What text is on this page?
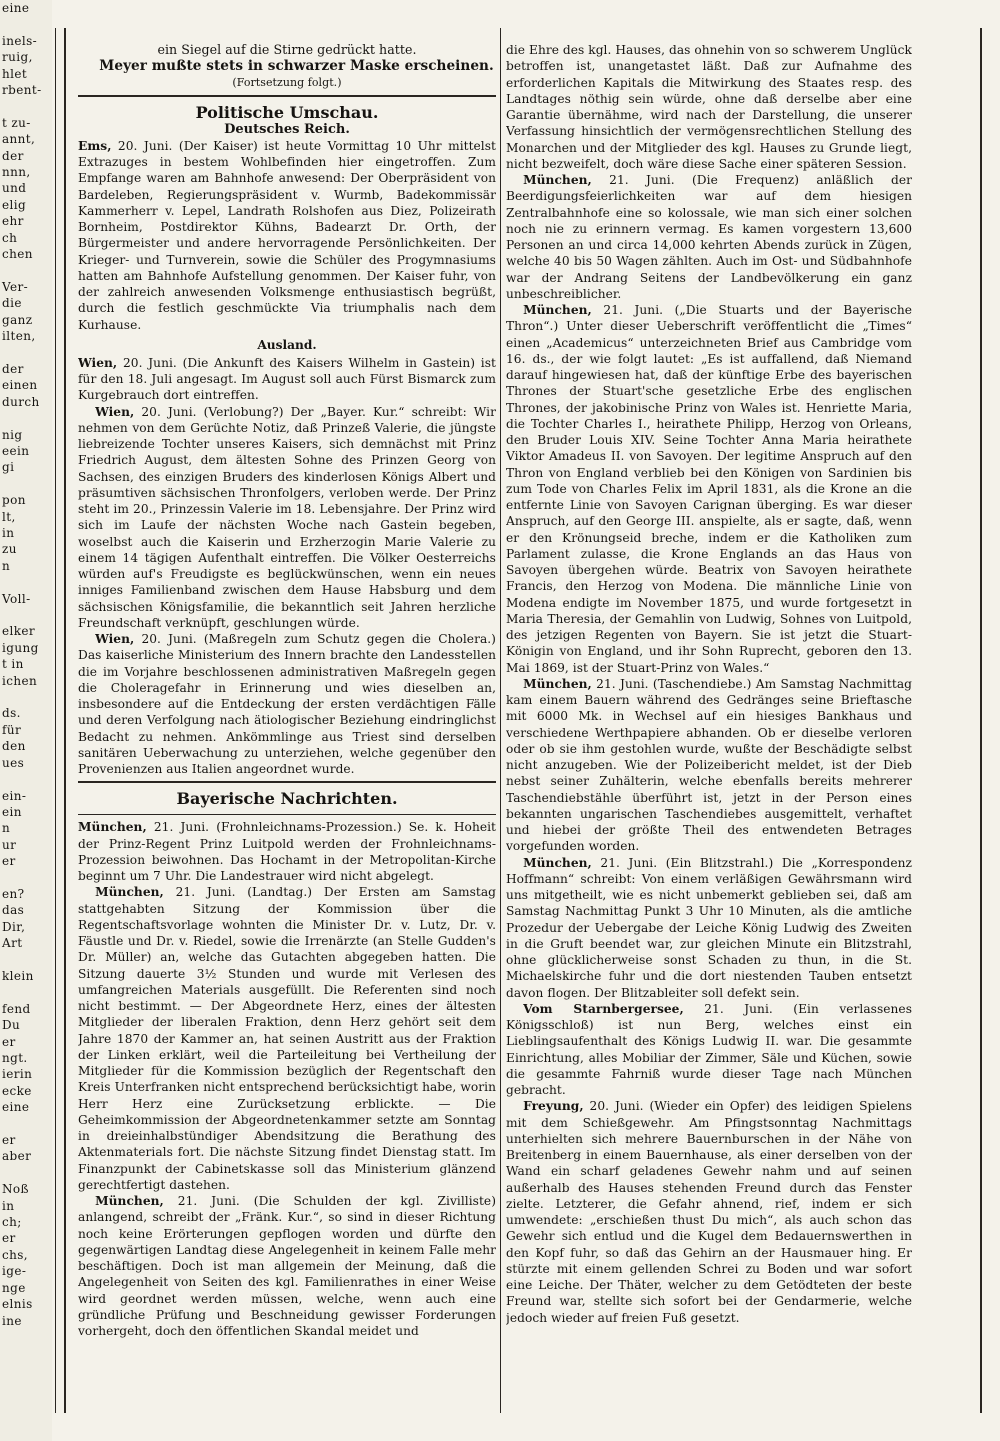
eine

inels-

ruig,

hlet

rbent-

t zu-

annt,

der

nnn,

und

elig

ehr

ch

chen

Ver-

die

ganz

ilten,

der

einen

durch

nig

eein

gi

pon

lt,

in

zu

n

Voll-

elker

igung

t in

ichen

ds.

für

den

ues

ein-

ein

n

ur

er

en?

das

Dir,

Art

klein

fend

Du

er

ngt.

ierin

ecke

eine

er

aber

Noß

in

ch;

er

chs,

ige-

nge

elnis

ine

ein Siegel auf die Stirne gedrückt hatte.

Meyer mußte stets in schwarzer Maske erscheinen.

(Fortsetzung folgt.)

Politische Umschau.
Deutsches Reich.

Ems, 20. Juni. (Der Kaiser) ist heute Vormittag 10 Uhr mittelst Extrazuges in bestem Wohlbefinden hier eingetroffen. Zum Empfange waren am Bahnhofe anwesend: Der Oberpräsident von Bardeleben, Regierungspräsident v. Wurmb, Badekommissär Kammerherr v. Lepel, Landrath Rolshofen aus Diez, Polizeirath Bornheim, Postdirektor Kühns, Badearzt Dr. Orth, der Bürgermeister und andere hervorragende Persönlichkeiten. Der Krieger- und Turnverein, sowie die Schüler des Progymnasiums hatten am Bahnhofe Aufstellung genommen. Der Kaiser fuhr, von der zahlreich anwesenden Volksmenge enthusiastisch begrüßt, durch die festlich geschmückte Via triumphalis nach dem Kurhause.

Ausland.

Wien, 20. Juni. (Die Ankunft des Kaisers Wilhelm in Gastein) ist für den 18. Juli angesagt. Im August soll auch Fürst Bismarck zum Kurgebrauch dort eintreffen.

Wien, 20. Juni. (Verlobung?) Der „Bayer. Kur.“ schreibt: Wir nehmen von dem Gerüchte Notiz, daß Prinzeß Valerie, die jüngste liebreizende Tochter unseres Kaisers, sich demnächst mit Prinz Friedrich August, dem ältesten Sohne des Prinzen Georg von Sachsen, des einzigen Bruders des kinderlosen Königs Albert und präsumtiven sächsischen Thronfolgers, verloben werde. Der Prinz steht im 20., Prinzessin Valerie im 18. Lebensjahre. Der Prinz wird sich im Laufe der nächsten Woche nach Gastein begeben, woselbst auch die Kaiserin und Erzherzogin Marie Valerie zu einem 14 tägigen Aufenthalt eintreffen. Die Völker Oesterreichs würden auf's Freudigste es beglückwünschen, wenn ein neues inniges Familienband zwischen dem Hause Habsburg und dem sächsischen Königsfamilie, die bekanntlich seit Jahren herzliche Freundschaft verknüpft, geschlungen würde.

Wien, 20. Juni. (Maßregeln zum Schutz gegen die Cholera.) Das kaiserliche Ministerium des Innern brachte den Landesstellen die im Vorjahre beschlossenen administrativen Maßregeln gegen die Choleragefahr in Erinnerung und wies dieselben an, insbesondere auf die Entdeckung der ersten verdächtigen Fälle und deren Verfolgung nach ätiologischer Beziehung eindringlichst Bedacht zu nehmen. Ankömmlinge aus Triest sind derselben sanitären Ueberwachung zu unterziehen, welche gegenüber den Provenienzen aus Italien angeordnet wurde.

Bayerische Nachrichten.

München, 21. Juni. (Frohnleichnams-Prozession.) Se. k. Hoheit der Prinz-Regent Prinz Luitpold werden der Frohnleichnams-Prozession beiwohnen. Das Hochamt in der Metropolitan-Kirche beginnt um 7 Uhr. Die Landestrauer wird nicht abgelegt.

München, 21. Juni. (Landtag.) Der Ersten am Samstag stattgehabten Sitzung der Kommission über die Regentschaftsvorlage wohnten die Minister Dr. v. Lutz, Dr. v. Fäustle und Dr. v. Riedel, sowie die Irrenärzte (an Stelle Gudden's Dr. Müller) an, welche das Gutachten abgegeben hatten. Die Sitzung dauerte 3½ Stunden und wurde mit Verlesen des umfangreichen Materials ausgefüllt. Die Referenten sind noch nicht bestimmt. — Der Abgeordnete Herz, eines der ältesten Mitglieder der liberalen Fraktion, denn Herz gehört seit dem Jahre 1870 der Kammer an, hat seinen Austritt aus der Fraktion der Linken erklärt, weil die Parteileitung bei Vertheilung der Mitglieder für die Kommission bezüglich der Regentschaft den Kreis Unterfranken nicht entsprechend berücksichtigt habe, worin Herr Herz eine Zurücksetzung erblickte. — Die Geheimkommission der Abgeordnetenkammer setzte am Sonntag in dreieinhalbstündiger Abendsitzung die Berathung des Aktenmaterials fort. Die nächste Sitzung findet Dienstag statt. Im Finanzpunkt der Cabinetskasse soll das Ministerium glänzend gerechtfertigt dastehen.

München, 21. Juni. (Die Schulden der kgl. Zivilliste) anlangend, schreibt der „Fränk. Kur.“, so sind in dieser Richtung noch keine Erörterungen gepflogen worden und dürfte den gegenwärtigen Landtag diese Angelegenheit in keinem Falle mehr beschäftigen. Doch ist man allgemein der Meinung, daß die Angelegenheit von Seiten des kgl. Familienrathes in einer Weise wird geordnet werden müssen, welche, wenn auch eine gründliche Prüfung und Beschneidung gewisser Forderungen vorhergeht, doch den öffentlichen Skandal meidet und

die Ehre des kgl. Hauses, das ohnehin von so schwerem Unglück betroffen ist, unangetastet läßt. Daß zur Aufnahme des erforderlichen Kapitals die Mitwirkung des Staates resp. des Landtages nöthig sein würde, ohne daß derselbe aber eine Garantie übernähme, wird nach der Darstellung, die unserer Verfassung hinsichtlich der vermögensrechtlichen Stellung des Monarchen und der Mitglieder des kgl. Hauses zu Grunde liegt, nicht bezweifelt, doch wäre diese Sache einer späteren Session.

München, 21. Juni. (Die Frequenz) anläßlich der Beerdigungsfeierlichkeiten war auf dem hiesigen Zentralbahnhofe eine so kolossale, wie man sich einer solchen noch nie zu erinnern vermag. Es kamen vorgestern 13,600 Personen an und circa 14,000 kehrten Abends zurück in Zügen, welche 40 bis 50 Wagen zählten. Auch im Ost- und Südbahnhofe war der Andrang Seitens der Landbevölkerung ein ganz unbeschreiblicher.

München, 21. Juni. („Die Stuarts und der Bayerische Thron“.) Unter dieser Ueberschrift veröffentlicht die „Times“ einen „Academicus“ unterzeichneten Brief aus Cambridge vom 16. ds., der wie folgt lautet: „Es ist auffallend, daß Niemand darauf hingewiesen hat, daß der künftige Erbe des bayerischen Thrones der Stuart'sche gesetzliche Erbe des englischen Thrones, der jakobinische Prinz von Wales ist. Henriette Maria, die Tochter Charles I., heirathete Philipp, Herzog von Orleans, den Bruder Louis XIV. Seine Tochter Anna Maria heirathete Viktor Amadeus II. von Savoyen. Der legitime Anspruch auf den Thron von England verblieb bei den Königen von Sardinien bis zum Tode von Charles Felix im April 1831, als die Krone an die entfernte Linie von Savoyen Carignan überging. Es war dieser Anspruch, auf den George III. anspielte, als er sagte, daß, wenn er den Krönungseid breche, indem er die Katholiken zum Parlament zulasse, die Krone Englands an das Haus von Savoyen übergehen würde. Beatrix von Savoyen heirathete Francis, den Herzog von Modena. Die männliche Linie von Modena endigte im November 1875, und wurde fortgesetzt in Maria Theresia, der Gemahlin von Ludwig, Sohnes von Luitpold, des jetzigen Regenten von Bayern. Sie ist jetzt die Stuart-Königin von England, und ihr Sohn Ruprecht, geboren den 13. Mai 1869, ist der Stuart-Prinz von Wales.“

München, 21. Juni. (Taschendiebe.) Am Samstag Nachmittag kam einem Bauern während des Gedränges seine Brieftasche mit 6000 Mk. in Wechsel auf ein hiesiges Bankhaus und verschiedene Werthpapiere abhanden. Ob er dieselbe verloren oder ob sie ihm gestohlen wurde, wußte der Beschädigte selbst nicht anzugeben. Wie der Polizeibericht meldet, ist der Dieb nebst seiner Zuhälterin, welche ebenfalls bereits mehrerer Taschendiebstähle überführt ist, jetzt in der Person eines bekannten ungarischen Taschendiebes ausgemittelt, verhaftet und hiebei der größte Theil des entwendeten Betrages vorgefunden worden.

München, 21. Juni. (Ein Blitzstrahl.) Die „Korrespondenz Hoffmann“ schreibt: Von einem verläßigen Gewährsmann wird uns mitgetheilt, wie es nicht unbemerkt geblieben sei, daß am Samstag Nachmittag Punkt 3 Uhr 10 Minuten, als die amtliche Prozedur der Uebergabe der Leiche König Ludwig des Zweiten in die Gruft beendet war, zur gleichen Minute ein Blitzstrahl, ohne glücklicherweise sonst Schaden zu thun, in die St. Michaelskirche fuhr und die dort niestenden Tauben entsetzt davon flogen. Der Blitzableiter soll defekt sein.

Vom Starnbergersee, 21. Juni. (Ein verlassenes Königsschloß) ist nun Berg, welches einst ein Lieblingsaufenthalt des Königs Ludwig II. war. Die gesammte Einrichtung, alles Mobiliar der Zimmer, Säle und Küchen, sowie die gesammte Fahrniß wurde dieser Tage nach München gebracht.

Freyung, 20. Juni. (Wieder ein Opfer) des leidigen Spielens mit dem Schießgewehr. Am Pfingstsonntag Nachmittags unterhielten sich mehrere Bauernburschen in der Nähe von Breitenberg in einem Bauernhause, als einer derselben von der Wand ein scharf geladenes Gewehr nahm und auf seinen außerhalb des Hauses stehenden Freund durch das Fenster zielte. Letzterer, die Gefahr ahnend, rief, indem er sich umwendete: „erschießen thust Du mich“, als auch schon das Gewehr sich entlud und die Kugel dem Bedauernswerthen in den Kopf fuhr, so daß das Gehirn an der Hausmauer hing. Er stürzte mit einem gellenden Schrei zu Boden und war sofort eine Leiche. Der Thäter, welcher zu dem Getödteten der beste Freund war, stellte sich sofort bei der Gendarmerie, welche jedoch wieder auf freien Fuß gesetzt.
